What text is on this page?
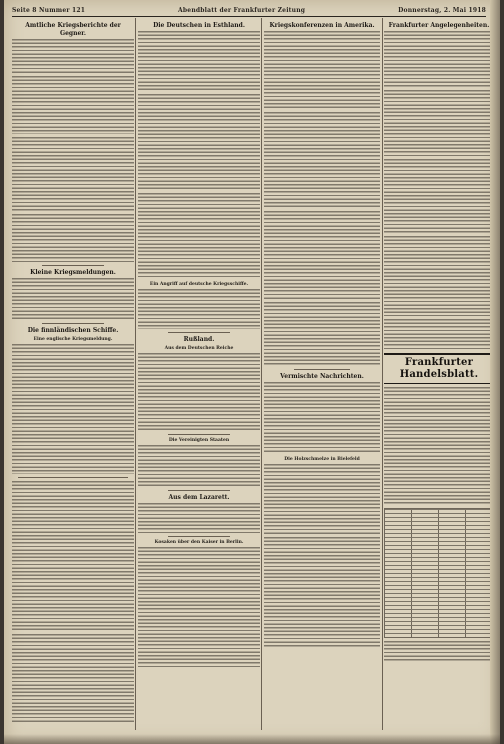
Seite 8 Nummer 121	Abendblatt der Frankfurter Zeitung	Donnerstag, 2. Mai 1918
Amtliche Kriegsberichte der Gegner.
Kleine Kriegsmeldungen.
Die finnländischen Schiffe.
Eine englische Kriegsmeldung.
Die Deutschen in Esthland.
Ein Angriff auf deutsche Kriegsschiffe.
Rußland.
Aus dem Deutschen Reiche
Die Vereinigten Staaten
Aus dem Lazarett.
Kosaken über den Kaiser in Berlin.
Kriegskonferenzen in Amerika.
Vermischte Nachrichten.
Die Holzschmelze in Bielefeld
Frankfurter Angelegenheiten.
Frankfurter Handelsblatt.
